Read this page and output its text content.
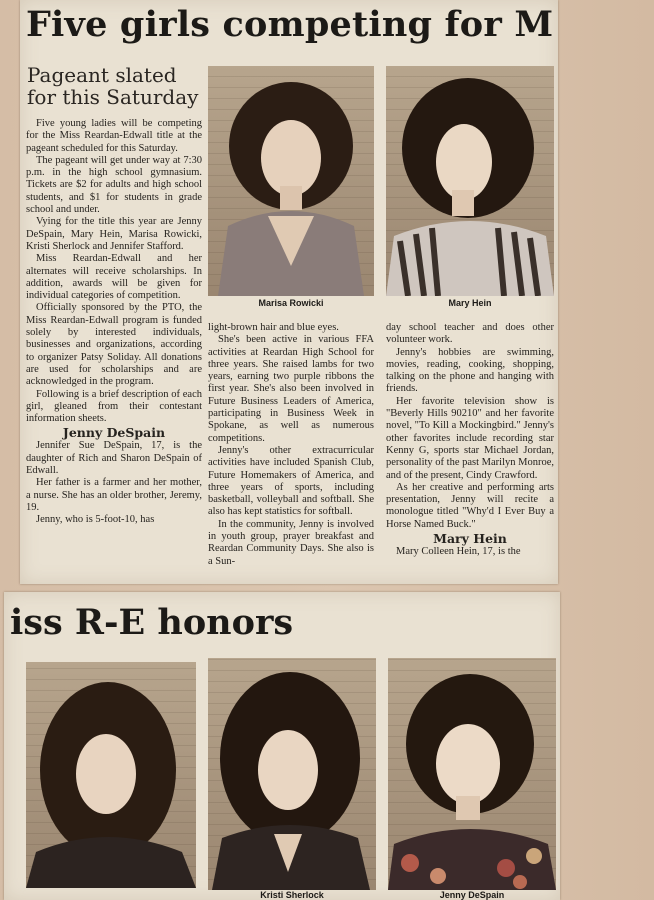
Five girls competing for M
Pageant slated for this Saturday

Five young ladies will be competing for the Miss Reardan-Edwall title at the pageant scheduled for this Saturday.

The pageant will get under way at 7:30 p.m. in the high school gymnasium. Tickets are $2 for adults and high school students, and $1 for students in grade school and under.

Vying for the title this year are Jenny DeSpain, Mary Hein, Marisa Rowicki, Kristi Sherlock and Jennifer Stafford.

Miss Reardan-Edwall and her alternates will receive scholarships. In addition, awards will be given for individual categories of competition.

Officially sponsored by the PTO, the Miss Reardan-Edwall program is funded solely by interested individuals, businesses and organizations, according to organizer Patsy Soliday. All donations are used for scholarships and are acknowledged in the program.

Following is a brief description of each girl, gleaned from their contestant information sheets.

Jenny DeSpain

Jennifer Sue DeSpain, 17, is the daughter of Rich and Sharon DeSpain of Edwall.

Her father is a farmer and her mother, a nurse. She has an older brother, Jeremy, 19.

Jenny, who is 5-foot-10, has

Marisa Rowicki	Mary Hein

light-brown hair and blue eyes.

She's been active in various FFA activities at Reardan High School for three years. She raised lambs for two years, earning two purple ribbons the first year. She's also been involved in Future Business Leaders of America, participating in Business Week in Spokane, as well as numerous competitions.

Jenny's other extracurricular activities have included Spanish Club, Future Homemakers of America, and three years of sports, including basketball, volleyball and softball. She also has kept statistics for softball.

In the community, Jenny is involved in youth group, prayer breakfast and Reardan Community Days. She also is a Sun-

day school teacher and does other volunteer work.

Jenny's hobbies are swimming, movies, reading, cooking, shopping, talking on the phone and hanging with friends.

Her favorite television show is "Beverly Hills 90210" and her favorite novel, "To Kill a Mockingbird." Jenny's other favorites include recording star Kenny G, sports star Michael Jordan, personality of the past Marilyn Monroe, and of the present, Cindy Crawford.

As her creative and performing arts presentation, Jenny will recite a monologue titled "Why'd I Ever Buy a Horse Named Buck."

Mary Hein

Mary Colleen Hein, 17, is the

iss R-E honors
Kristi Sherlock	Jenny DeSpain
